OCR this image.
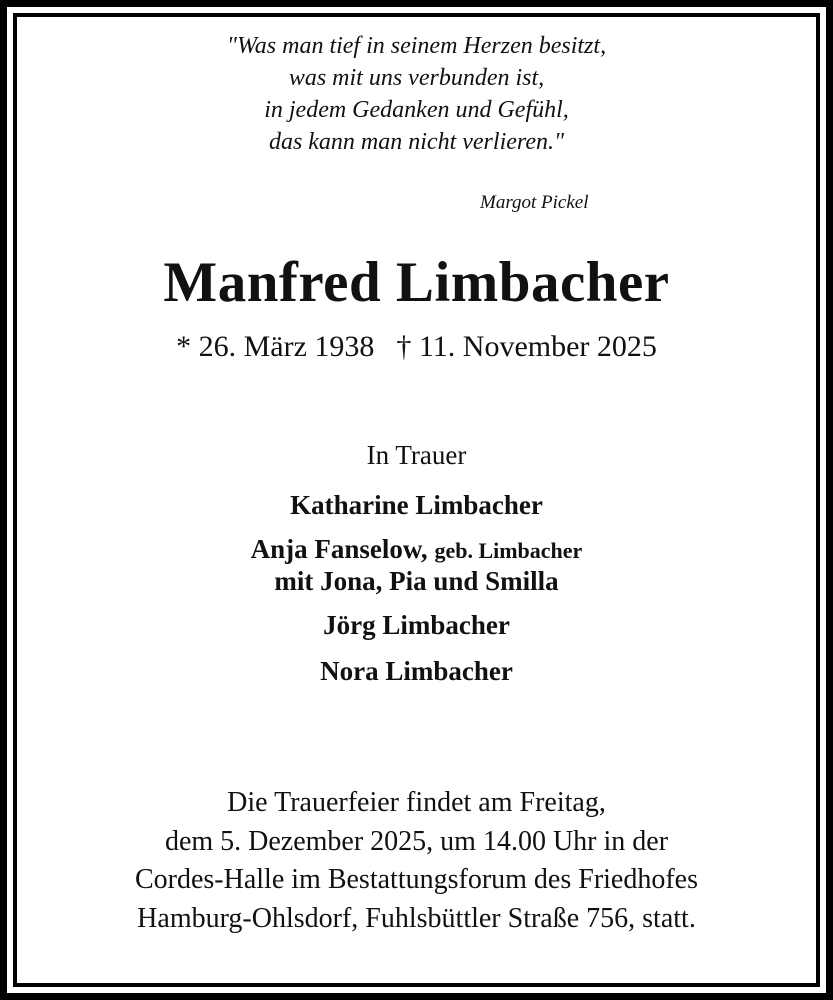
"Was man tief in seinem Herzen besitzt,
was mit uns verbunden ist,
in jedem Gedanken und Gefühl,
das kann man nicht verlieren."
Margot Pickel
Manfred Limbacher
* 26. März 1938 † 11. November 2025
In Trauer
Katharine Limbacher
Anja Fanselow, geb. Limbacher
mit Jona, Pia und Smilla
Jörg Limbacher
Nora Limbacher
Die Trauerfeier findet am Freitag,
dem 5. Dezember 2025, um 14.00 Uhr in der
Cordes-Halle im Bestattungsforum des Friedhofes
Hamburg-Ohlsdorf, Fuhlsbüttler Straße 756, statt.
